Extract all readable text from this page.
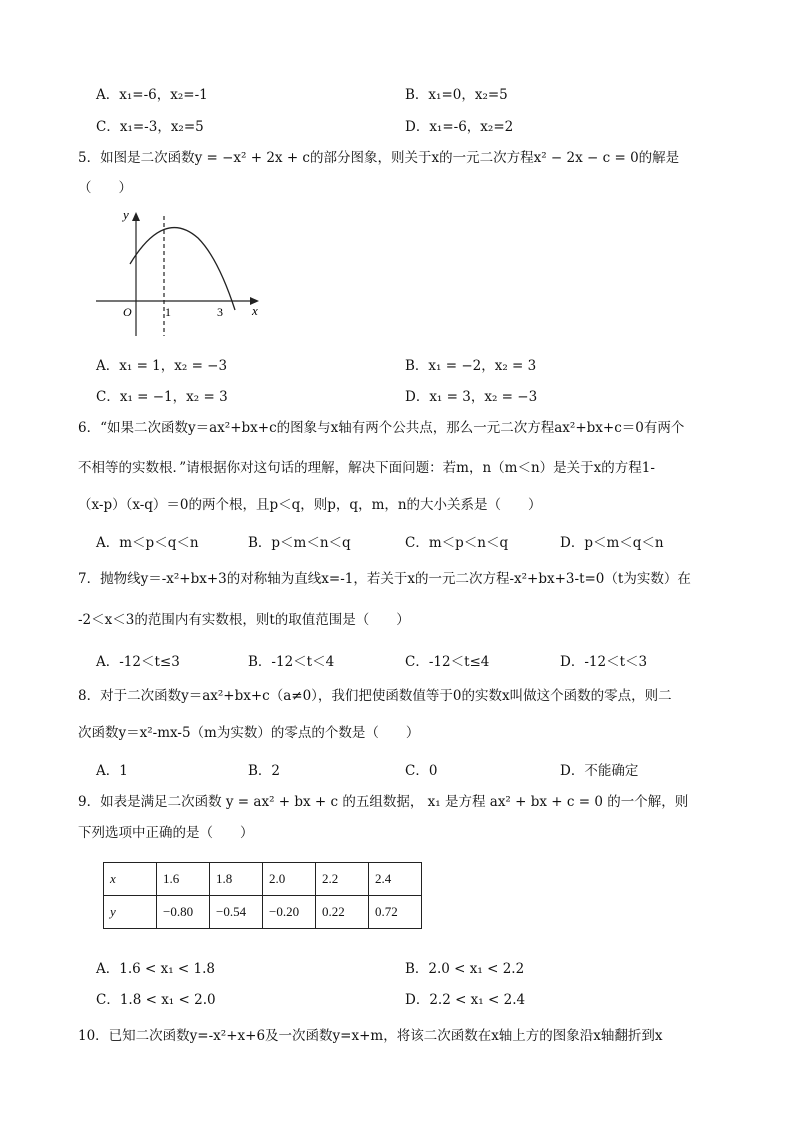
A．x₁=-6，x₂=-1	B．x₁=0，x₂=5
C．x₁=-3，x₂=5	D．x₁=-6，x₂=2
5．如图是二次函数y = −x² + 2x + c的部分图象，则关于x的一元二次方程x² − 2x − c = 0的解是
（　　）
y
x
O	1	3
A．x₁ = 1，x₂ = −3	B．x₁ = −2，x₂ = 3
C．x₁ = −1，x₂ = 3	D．x₁ = 3，x₂ = −3
6．“如果二次函数y＝ax²+bx+c的图象与x轴有两个公共点，那么一元二次方程ax²+bx+c＝0有两个
不相等的实数根．”请根据你对这句话的理解，解决下面问题：若m，n（m＜n）是关于x的方程1-
（x-p）（x-q）＝0的两个根，且p＜q，则p，q，m，n的大小关系是（　　）
A．m＜p＜q＜n	B．p＜m＜n＜q	C．m＜p＜n＜q	D．p＜m＜q＜n
7．抛物线y＝-x²+bx+3的对称轴为直线x=-1，若关于x的一元二次方程-x²+bx+3-t=0（t为实数）在
-2＜x＜3的范围内有实数根，则t的取值范围是（　　）
A．-12＜t≤3	B．-12＜t＜4	C．-12＜t≤4	D．-12＜t＜3
8．对于二次函数y＝ax²+bx+c（a≠0），我们把使函数值等于0的实数x叫做这个函数的零点，则二
次函数y＝x²-mx-5（m为实数）的零点的个数是（　　）
A．1	B．2	C．0	D．不能确定
9．如表是满足二次函数 y = ax² + bx + c 的五组数据， x₁ 是方程 ax² + bx + c = 0 的一个解，则
下列选项中正确的是（　　）
x	1.6	1.8	2.0	2.2	2.4
y	−0.80	−0.54	−0.20	0.22	0.72
A．1.6 < x₁ < 1.8	B．2.0 < x₁ < 2.2
C．1.8 < x₁ < 2.0	D．2.2 < x₁ < 2.4
10．已知二次函数y=-x²+x+6及一次函数y=x+m，将该二次函数在x轴上方的图象沿x轴翻折到x
